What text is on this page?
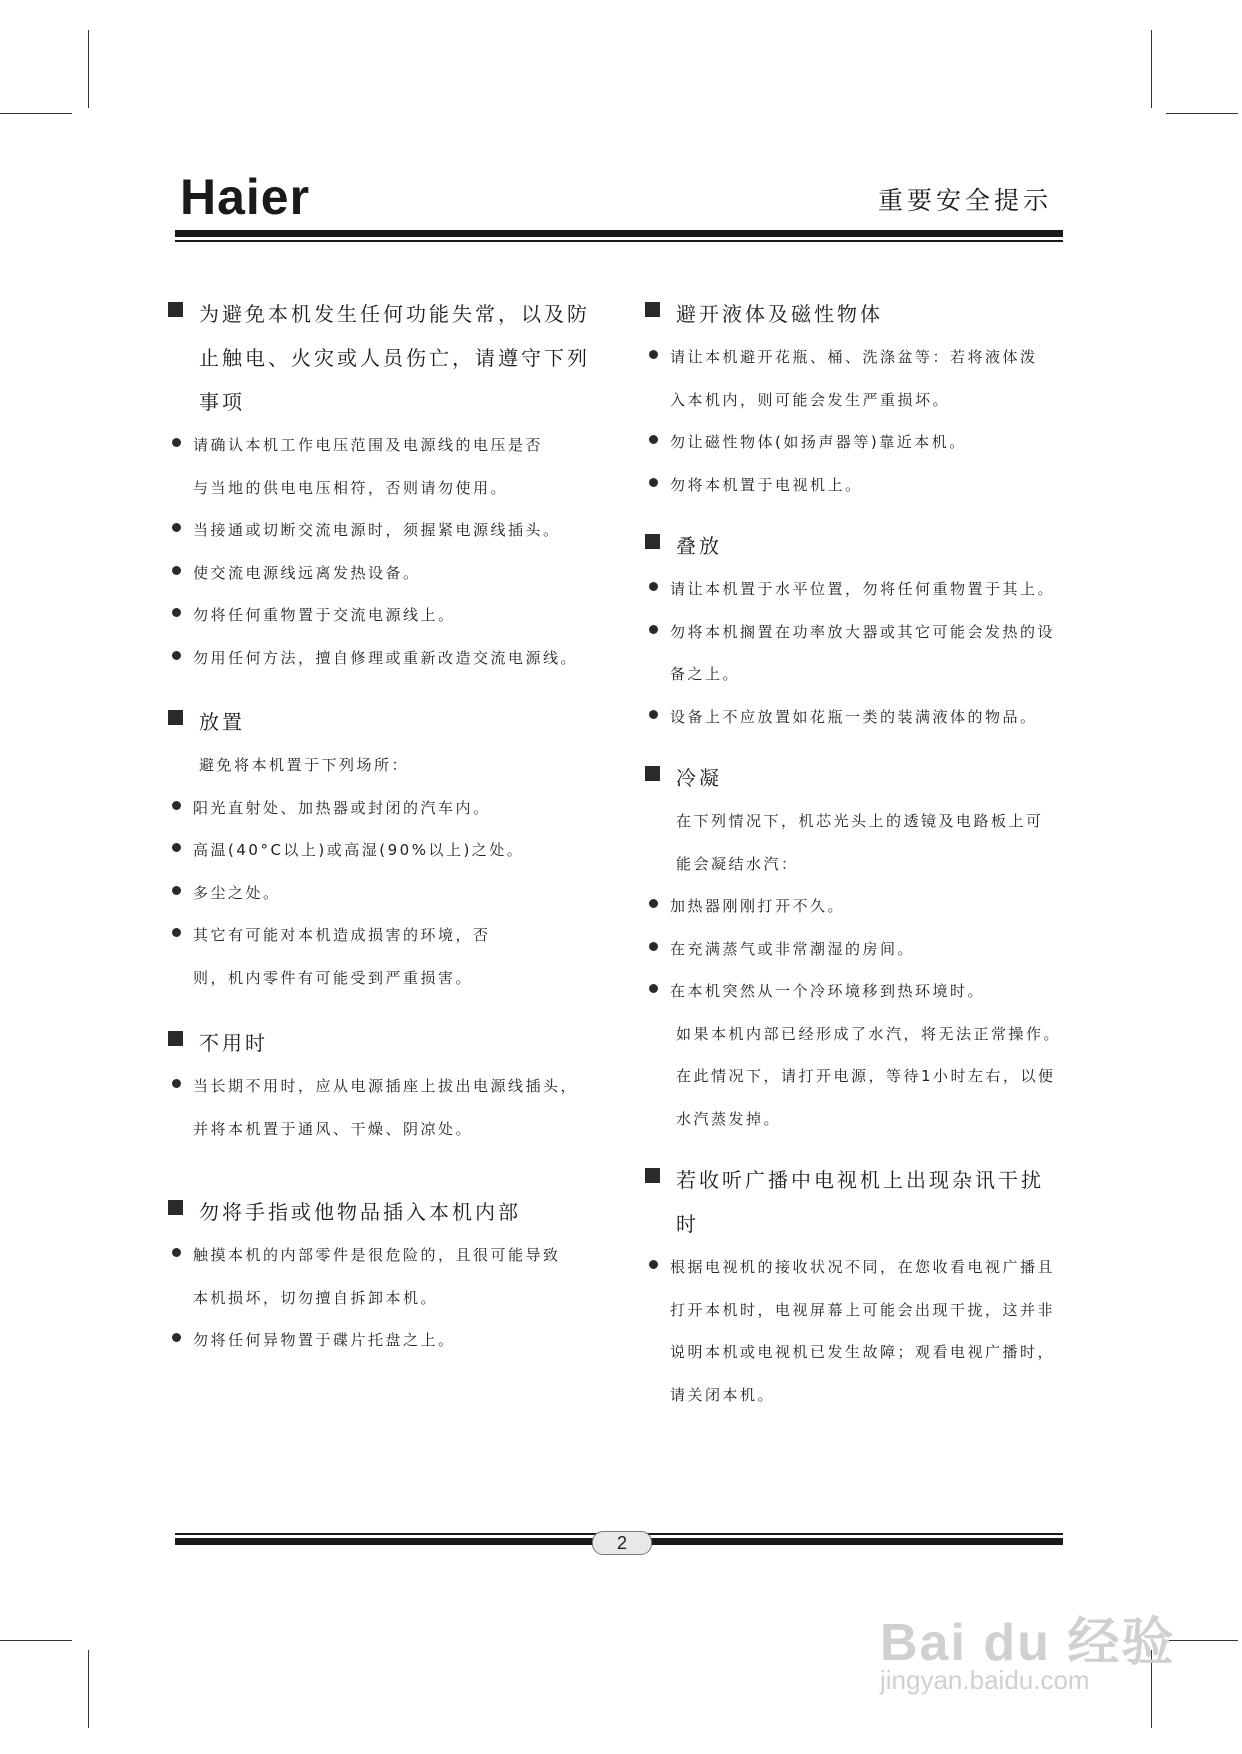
Haier	重要安全提示
为避免本机发生任何功能失常，以及防止触电、火灾或人员伤亡，请遵守下列事项
请确认本机工作电压范围及电源线的电压是否与当地的供电电压相符，否则请勿使用。
当接通或切断交流电源时，须握紧电源线插头。
使交流电源线远离发热设备。
勿将任何重物置于交流电源线上。
勿用任何方法，擅自修理或重新改造交流电源线。
放置
避免将本机置于下列场所：
阳光直射处、加热器或封闭的汽车内。
高温(40°C以上)或高湿(90%以上)之处。
多尘之处。
其它有可能对本机造成损害的环境，否则，机内零件有可能受到严重损害。
不用时
当长期不用时，应从电源插座上拔出电源线插头，并将本机置于通风、干燥、阴凉处。
勿将手指或他物品插入本机内部
触摸本机的内部零件是很危险的，且很可能导致本机损坏，切勿擅自拆卸本机。
勿将任何异物置于碟片托盘之上。
避开液体及磁性物体
请让本机避开花瓶、桶、洗涤盆等：若将液体泼入本机内，则可能会发生严重损坏。
勿让磁性物体(如扬声器等)靠近本机。
勿将本机置于电视机上。
叠放
请让本机置于水平位置，勿将任何重物置于其上。
勿将本机搁置在功率放大器或其它可能会发热的设备之上。
设备上不应放置如花瓶一类的装满液体的物品。
冷凝
在下列情况下，机芯光头上的透镜及电路板上可能会凝结水汽：
加热器刚刚打开不久。
在充满蒸气或非常潮湿的房间。
在本机突然从一个冷环境移到热环境时。
如果本机内部已经形成了水汽，将无法正常操作。在此情况下，请打开电源，等待1小时左右，以便水汽蒸发掉。
若收听广播中电视机上出现杂讯干扰时
根据电视机的接收状况不同，在您收看电视广播且打开本机时，电视屏幕上可能会出现干拢，这并非说明本机或电视机已发生故障；观看电视广播时，请关闭本机。
2
Bai du 经验
jingyan.baidu.com
